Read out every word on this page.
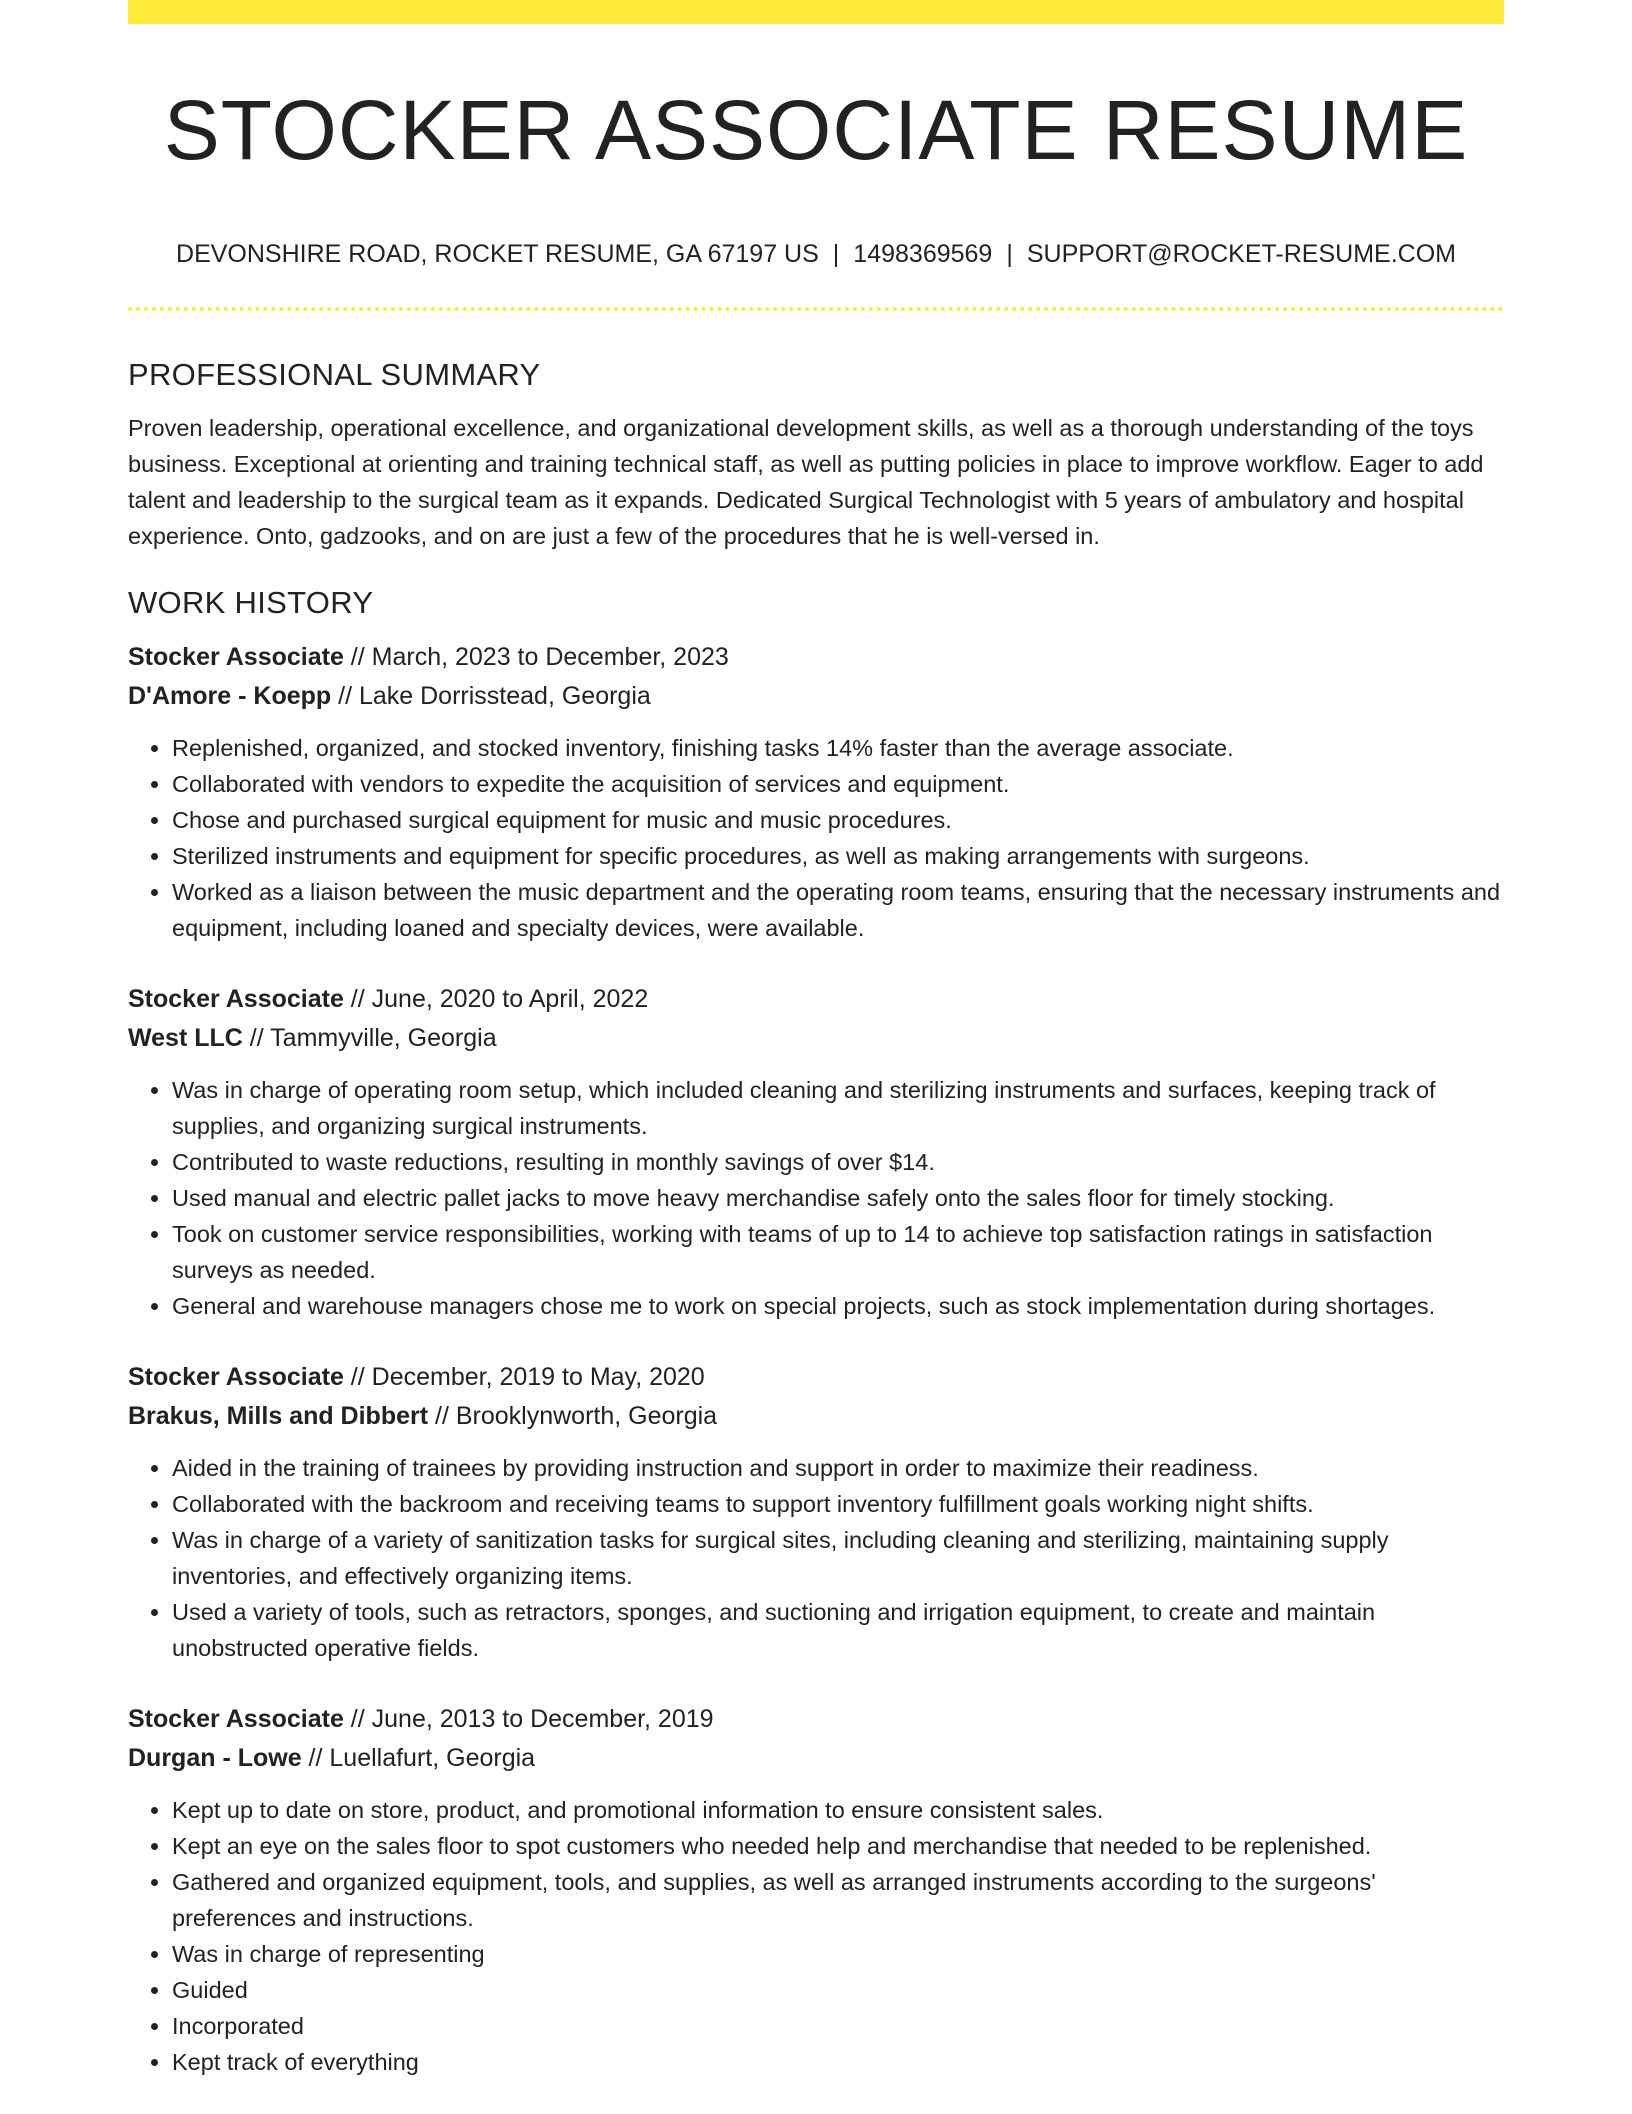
STOCKER ASSOCIATE RESUME
DEVONSHIRE ROAD, ROCKET RESUME, GA 67197 US | 1498369569 | SUPPORT@ROCKET-RESUME.COM
PROFESSIONAL SUMMARY

Proven leadership, operational excellence, and organizational development skills, as well as a thorough understanding of the toys business. Exceptional at orienting and training technical staff, as well as putting policies in place to improve workflow. Eager to add talent and leadership to the surgical team as it expands. Dedicated Surgical Technologist with 5 years of ambulatory and hospital experience. Onto, gadzooks, and on are just a few of the procedures that he is well-versed in.

WORK HISTORY
Stocker Associate // March, 2023 to December, 2023
D'Amore - Koepp // Lake Dorrisstead, Georgia
• Replenished, organized, and stocked inventory, finishing tasks 14% faster than the average associate.
• Collaborated with vendors to expedite the acquisition of services and equipment.
• Chose and purchased surgical equipment for music and music procedures.
• Sterilized instruments and equipment for specific procedures, as well as making arrangements with surgeons.
• Worked as a liaison between the music department and the operating room teams, ensuring that the necessary instruments and equipment, including loaned and specialty devices, were available.
Stocker Associate // June, 2020 to April, 2022
West LLC // Tammyville, Georgia
• Was in charge of operating room setup, which included cleaning and sterilizing instruments and surfaces, keeping track of supplies, and organizing surgical instruments.
• Contributed to waste reductions, resulting in monthly savings of over $14.
• Used manual and electric pallet jacks to move heavy merchandise safely onto the sales floor for timely stocking.
• Took on customer service responsibilities, working with teams of up to 14 to achieve top satisfaction ratings in satisfaction surveys as needed.
• General and warehouse managers chose me to work on special projects, such as stock implementation during shortages.
Stocker Associate // December, 2019 to May, 2020
Brakus, Mills and Dibbert // Brooklynworth, Georgia
• Aided in the training of trainees by providing instruction and support in order to maximize their readiness.
• Collaborated with the backroom and receiving teams to support inventory fulfillment goals working night shifts.
• Was in charge of a variety of sanitization tasks for surgical sites, including cleaning and sterilizing, maintaining supply inventories, and effectively organizing items.
• Used a variety of tools, such as retractors, sponges, and suctioning and irrigation equipment, to create and maintain unobstructed operative fields.
Stocker Associate // June, 2013 to December, 2019
Durgan - Lowe // Luellafurt, Georgia
• Kept up to date on store, product, and promotional information to ensure consistent sales.
• Kept an eye on the sales floor to spot customers who needed help and merchandise that needed to be replenished.
• Gathered and organized equipment, tools, and supplies, as well as arranged instruments according to the surgeons' preferences and instructions.
• Was in charge of representing
• Guided
• Incorporated
• Kept track of everything
